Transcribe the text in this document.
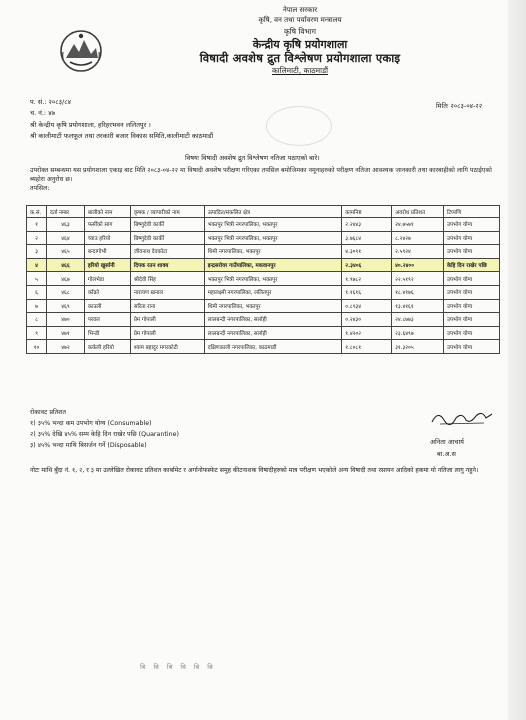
नेपाल सरकार
कृषि, वन तथा पर्यावरण मन्त्रालय
कृषि विभाग
केन्द्रीय कृषि प्रयोगशाला
विषादी अवशेष द्रुत विश्लेषण प्रयोगशाला एकाइ
कालिमाटी, काठमाडौं
प. सं.: २०८३/८४
च. नं.: ४७
मितिः २०८३-०४-२२
श्री केन्द्रीय कृषि प्रयोगशाला, हरिहरभवन ललितपुर ।
श्री कालीमाटी फलफूल तथा तरकारी बजार विकास समिति,कालीमाटी काठमाडौं
विषयः विषादी अवशेष द्रुत विश्लेषण नतिजा पठाएको बारे।
उपरोक्त सम्बन्धमा यस प्रयोगशाला एकाइ बाट मिति २०८३-०४-२२ मा विषादी अवशेष परीक्षण गरिएका तपसिल बमोजिमका नमूनाहरुको परीक्षण नतिजा आवश्यक जानकारी तथा कारबाहीको लागि पठाईएको ब्यहोरा अनुरोध छ।
तपसिल:
क.सं.	दर्ता नम्बर	बालीको नाम	कृषक / व्यापारीको नाम	उत्पादित/संकलित क्षेत्र	कामनिष्ट	अवरोध प्रतिशत	टिप्पणि
१	४६३	फर्सीको साग	बिष्णुदेवी कार्की	भक्तपुर भित्री नगरपालिका, भक्तपुर	२.२४४३	२४.७५७१	उपभोग योग्य
२	४६४	च्याउ हरियो	बिष्णुदेवी कार्की	भक्तपुर भित्री नगरपालिका, भक्तपुर	३.७६८४	८.२४२७	उपभोग योग्य
३	४६५	बन्दागोभी	जीवनाथ देवकोटा	थिमी नगरपालिका, भक्तपुर	४.३०९१	२.५९२४	उपभोग योग्य
४	४६६	हरियो खुर्सानी	दिपक रतन शाक्य	इन्द्रसरोवर गाउँपालिका, मकवानपुर	२.३४०६	४०.२४००	केहि दिन राखेर पछि
५	४६७	गोलभेडा	श्रीदेवी सिंह	भक्तपुर भित्री नगरपालिका, भक्तपुर	१.९७८२	२२.५१९२	उपभोग योग्य
६	४६८	काँक्रो	नारायण खनाल	महालक्ष्मी नगरपालिका, ललितपुर	१.१६१६	१८.४१७६	उपभोग योग्य
७	४६९	काउली	सरिता राना	थिमी नगरपालिका, भक्तपुर	०.८९३४	१३.४१६१	उपभोग योग्य
८	४७०	परवल	प्रेम गोपाली	लालबन्दी नगरपालिका, सर्लाही	०.२४३०	२४.८७७३	उपभोग योग्य
९	४७१	भिन्डी	प्रेम गोपाली	लालबन्दी नगरपालिका, सर्लाही	१.४२०२	२३.६४९७	उपभोग योग्य
१०	४७२	कर्कली हरियो	श्याम बहादुर मगरकोटी	दक्षिणकाली नगरपालिका, काठमाडौं	१.८०८१	३१.३२०५	उपभोग योग्य
रोकावट प्रतिशत
१) ३५% भन्दा कम उपभोग योग्य (Consumable)
२) ३५% देखि ४५% सम्म केहि दिन राखेर पछि (Quarantine)
३) ४५% भन्दा माथि बिसर्जन गर्ने (Disposable)	अनिता आचार्य
बा.अ.स
नोटः माथि बुँदा नं. १, २, र ३ मा उल्लेखित रोकावट प्रतिशत कार्बामेट र अर्गानोफस्फेट समुह कीटनाशक विषादीहरुको मात्र परीक्षण भएकोले अन्य विषादी तथा रसायन आदिको हकमा यो नतिजा लागु नहुने।
बि बि बि बि बि बि
